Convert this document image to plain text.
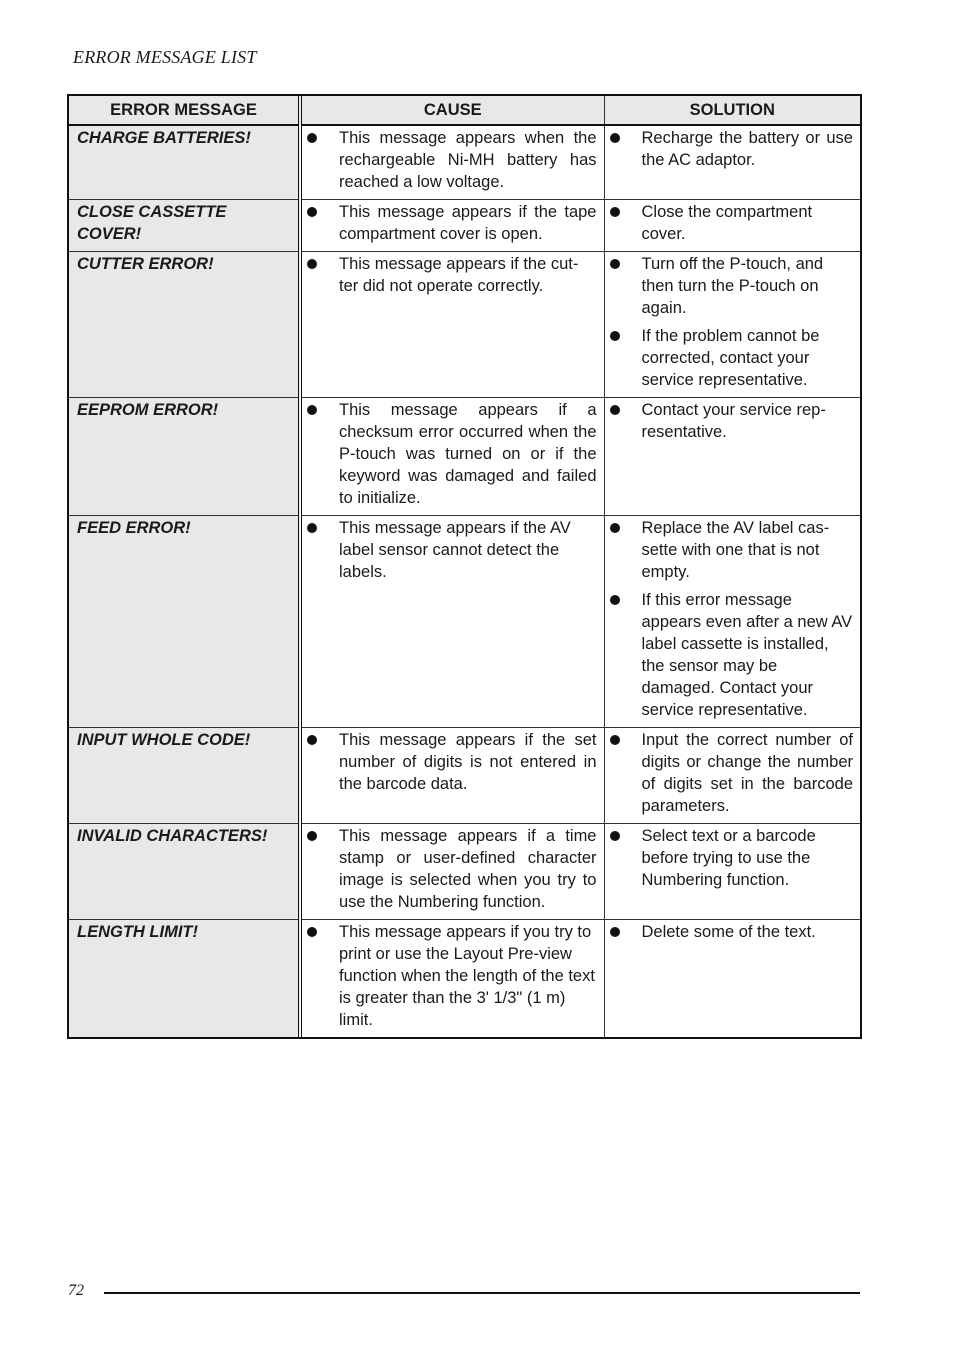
ERROR MESSAGE LIST
ERROR MESSAGE	CAUSE	SOLUTION
CHARGE BATTERIES!	This message appears when the rechargeable Ni-MH battery has reached a low voltage.	Recharge the battery or use the AC adaptor.

CLOSE CASSETTE COVER!	This message appears if the tape compartment cover is open.	Close the compartment cover.

CUTTER ERROR!	This message appears if the cut-ter did not operate correctly.	Turn off the P-touch, and then turn the P-touch on again.
If the problem cannot be corrected, contact your service representative.

EEPROM ERROR!	This message appears if a checksum error occurred when the P-touch was turned on or if the keyword was damaged and failed to initialize.	Contact your service rep-resentative.

FEED ERROR!	This message appears if the AV label sensor cannot detect the labels.	Replace the AV label cas-sette with one that is not empty.
If this error message appears even after a new AV label cassette is installed, the sensor may be damaged. Contact your service representative.

INPUT WHOLE CODE!	This message appears if the set number of digits is not entered in the barcode data.	Input the correct number of digits or change the number of digits set in the barcode parameters.

INVALID CHARACTERS!	This message appears if a time stamp or user-defined character image is selected when you try to use the Numbering function.	Select text or a barcode before trying to use the Numbering function.

LENGTH LIMIT!	This message appears if you try to print or use the Layout Pre-view function when the length of the text is greater than the 3' 1/3" (1 m) limit.	Delete some of the text.
72
